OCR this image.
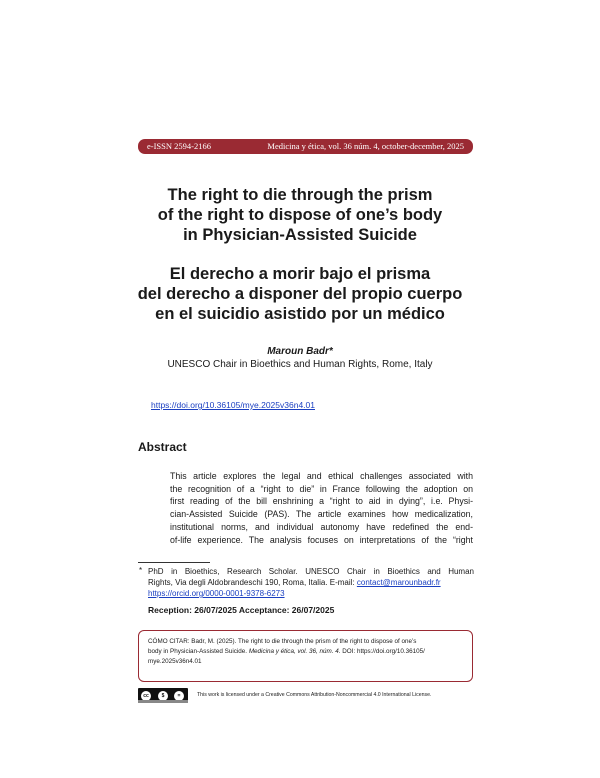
e-ISSN 2594-2166	Medicina y ética, vol. 36 núm. 4, october-december, 2025
The right to die through the prism
of the right to dispose of one’s body
in Physician-Assisted Suicide
El derecho a morir bajo el prisma
del derecho a disponer del propio cuerpo
en el suicidio asistido por un médico
Maroun Badr*
UNESCO Chair in Bioethics and Human Rights, Rome, Italy
https://doi.org/10.36105/mye.2025v36n4.01
Abstract
This article explores the legal and ethical challenges associated with
the recognition of a “right to die” in France following the adoption on
first reading of the bill enshrining a “right to aid in dying”, i.e. Physi-
cian-Assisted Suicide (PAS). The article examines how medicalization,
institutional norms, and individual autonomy have redefined the end-
of-life experience. The analysis focuses on interpretations of the “right
* PhD in Bioethics, Research Scholar. UNESCO Chair in Bioethics and Human
Rights, Via degli Aldobrandeschi 190, Roma, Italia. E-mail: contact@marounbadr.fr
https://orcid.org/0000-0001-9378-6273
Reception: 26/07/2025 Acceptance: 26/07/2025
CÓMO CITAR: Badr, M. (2025). The right to die through the prism of the right to dispose of one’s
body in Physician-Assisted Suicide. Medicina y ética, vol. 36, núm. 4. DOI: https://doi.org/10.36105/
mye.2025v36n4.01
cc	$	=	This work is licensed under a Creative Commons Attribution-Noncommercial 4.0 International License.
